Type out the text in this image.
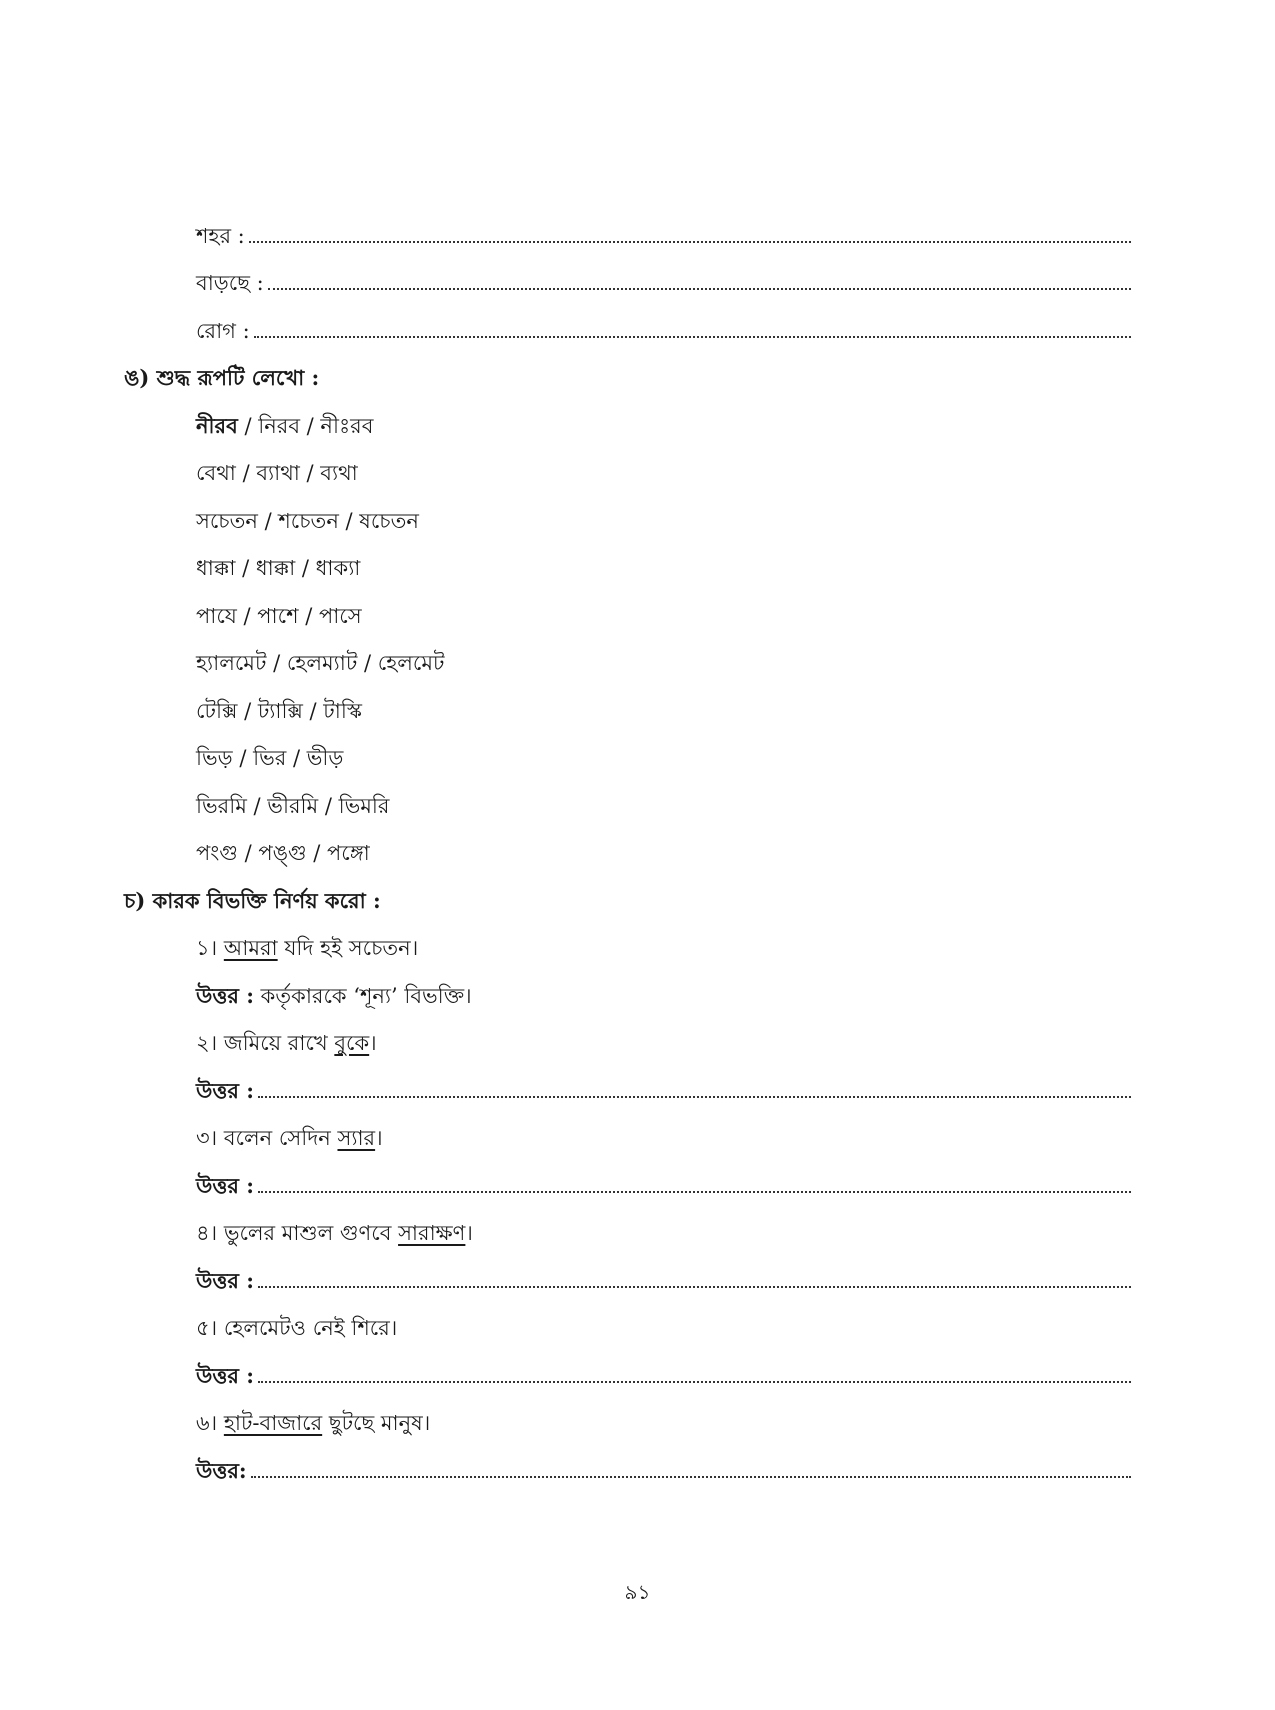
শহর :
বাড়ছে :
রোগ :
ঙ) শুদ্ধ রূপটি লেখো :
নীরব / নিরব / নীঃরব
বেথা / ব্যাথা / ব্যথা
সচেতন / শচেতন / ষচেতন
ধাক্কা / ধাক্কা / ধাক্যা
পাযে / পাশে / পাসে
হ্যালমেট / হেলম্যাট / হেলমেট
টেক্সি / ট্যাক্সি / টাস্কি
ভিড় / ভির / ভীড়
ভিরমি / ভীরমি / ভিমরি
পংগু / পঙ্গু / পঙ্গো
চ) কারক বিভক্তি নির্ণয় করো :
১। আমরা যদি হই সচেতন।
উত্তর : কর্তৃকারকে ‘শূন্য’ বিভক্তি।
২। জমিয়ে রাখে বুকে।
উত্তর :
৩। বলেন সেদিন স্যার।
উত্তর :
৪। ভুলের মাশুল গুণবে সারাক্ষণ।
উত্তর :
৫। হেলমেটও নেই শিরে।
উত্তর :
৬। হাট-বাজারে ছুটছে মানুষ।
উত্তর:
৯১
